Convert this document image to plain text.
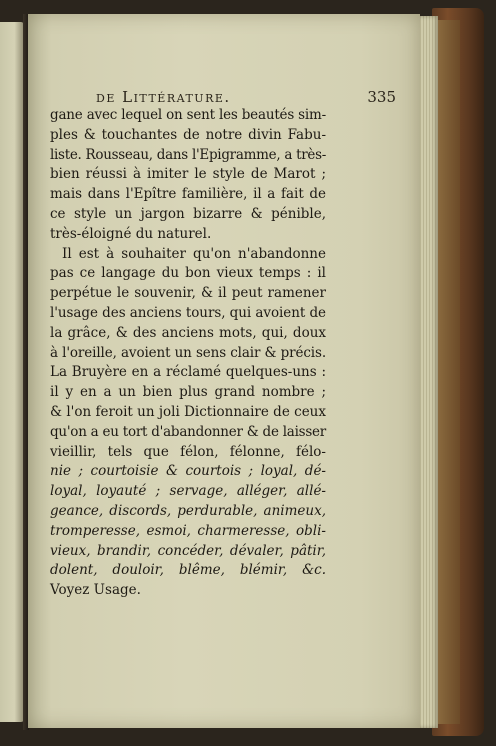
de Littérature.	335
gane avec lequel on sent les beautés sim-
ples & touchantes de notre divin Fabu-
liste. Rousseau, dans l'Epigramme, a très-
bien réussi à imiter le style de Marot ;
mais dans l'Epître familière, il a fait de
ce style un jargon bizarre & pénible,
très-éloigné du naturel.
Il est à souhaiter qu'on n'abandonne
pas ce langage du bon vieux temps : il
perpétue le souvenir, & il peut ramener
l'usage des anciens tours, qui avoient de
la grâce, & des anciens mots, qui, doux
à l'oreille, avoient un sens clair & précis.
La Bruyère en a réclamé quelques-uns :
il y en a un bien plus grand nombre ;
& l'on feroit un joli Dictionnaire de ceux
qu'on a eu tort d'abandonner & de laisser
vieillir, tels que félon, félonne, félo-
nie ; courtoisie & courtois ; loyal, dé-
loyal, loyauté ; servage, alléger, allé-
geance, discords, perdurable, animeux,
tromperesse, esmoi, charmeresse, obli-
vieux, brandir, concéder, dévaler, pâtir,
dolent, douloir, blême, blémir, &c.
Voyez Usage.
